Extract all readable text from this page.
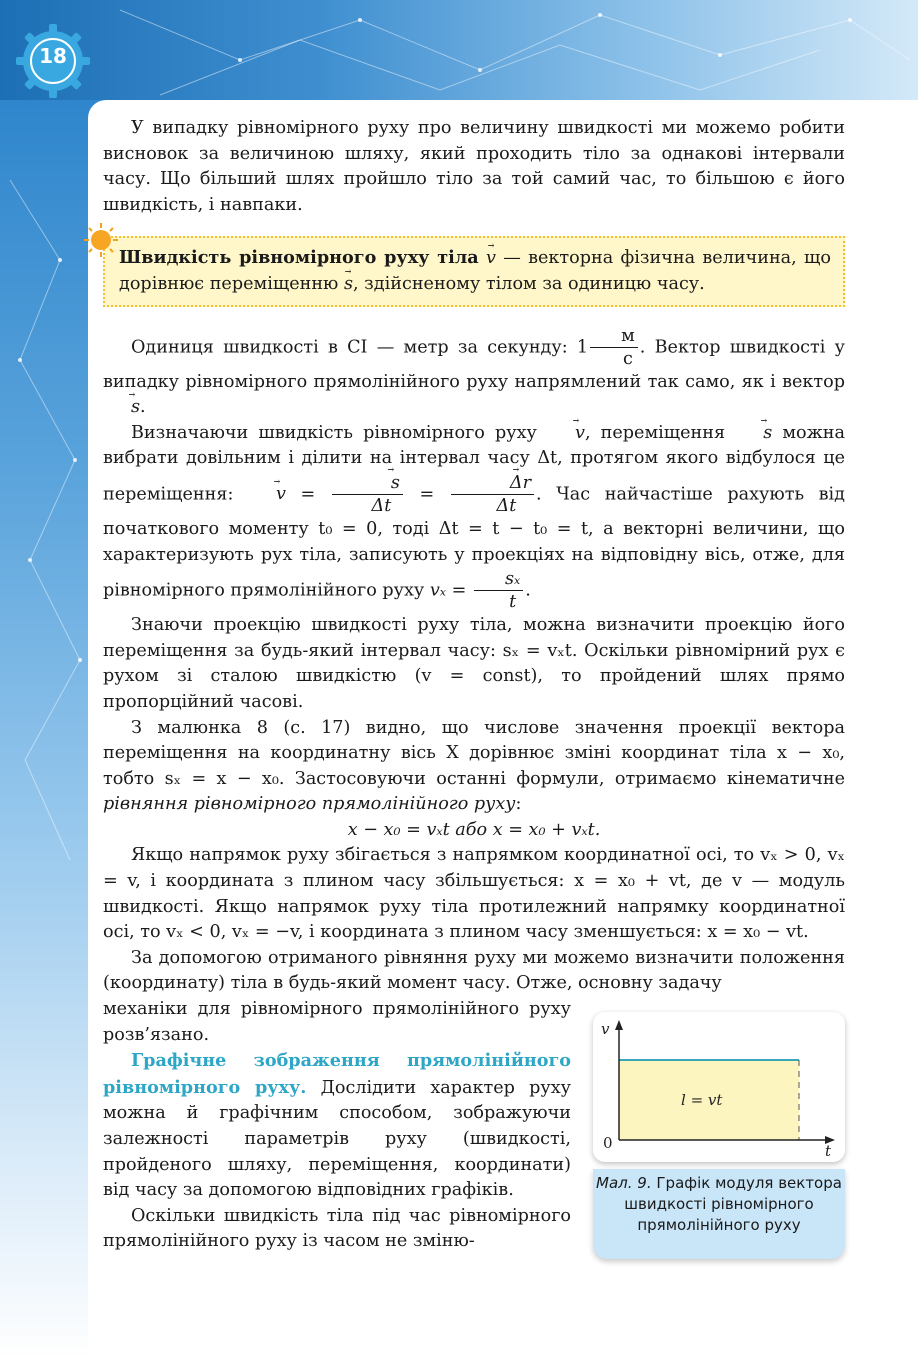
18

У випадку рівномірного руху про величину швидкості ми можемо робити висновок за величиною шляху, який проходить тіло за однакові інтервали часу. Що більший шлях пройшло тіло за той самий час, то більшою є його швидкість, і навпаки.

Швидкість рівномірного руху тіла → v — векторна фізична величина, що дорівнює переміщенню → s, здійсненому тілом за одиницю часу.

Одиниця швидкості в СІ — метр за секунду: $1 \frac{м}{с}$ . Вектор швидкості у випадку рівномірного прямолінійного руху напрямлений так само, як і вектор → s.

Визначаючи швидкість рівномірного руху → v, переміщення → s можна вибрати довільним і ділити на інтервал часу Δt, протягом якого відбулося це переміщення: → v = → $\frac{s}{\Delta t}$ = → $\frac{\Delta r}{\Delta t}$ . Час найчастіше рахують від початкового моменту t₀ = 0, тоді Δt = t − t₀ = t, а векторні величини, що характеризують рух тіла, записують у проекціях на відповідну вісь, отже, для рівномірного прямолінійного руху $v_x = \frac{\text{sₓ}}{t}$ .

Знаючи проекцію швидкості руху тіла, можна визначити проекцію його переміщення за будь-який інтервал часу: sₓ = vₓt. Оскільки рівномірний рух є рухом зі сталою швидкістю (v = const), то пройдений шлях прямо пропорційний часові.

З малюнка 8 (с. 17) видно, що числове значення проекції вектора переміщення на координатну вісь X дорівнює зміні координат тіла x − x₀, тобто sₓ = x − x₀. Застосовуючи останні формули, отримаємо кінематичне рівняння рівномірного прямолінійного руху:

x − x₀ = vₓt або x = x₀ + vₓt.

Якщо напрямок руху збігається з напрямком координатної осі, то vₓ > 0, vₓ = v, і координата з плином часу збільшується: x = x₀ + vt, де v — модуль швидкості. Якщо напрямок руху тіла протилежний напрямку координатної осі, то vₓ < 0, vₓ = −v, і координата з плином часу зменшується: x = x₀ − vt.

За допомогою отриманого рівняння руху ми можемо визначити положення (координату) тіла в будь-який момент часу. Отже, основну задачу

механіки для рівномірного прямолінійного руху розв’язано.

Графічне зображення прямолінійного рівномірного руху. Дослідити характер руху можна й графічним способом, зображуючи залежності параметрів руху (швидкості, пройденого шляху, переміщення, координати) від часу за допомогою відповідних графіків.

Оскільки швидкість тіла під час рівномірного прямолінійного руху із часом не зміню-

v
t
0
l = vt
Мал. 9. Графік модуля вектора швидкості рівномірного прямолінійного руху
